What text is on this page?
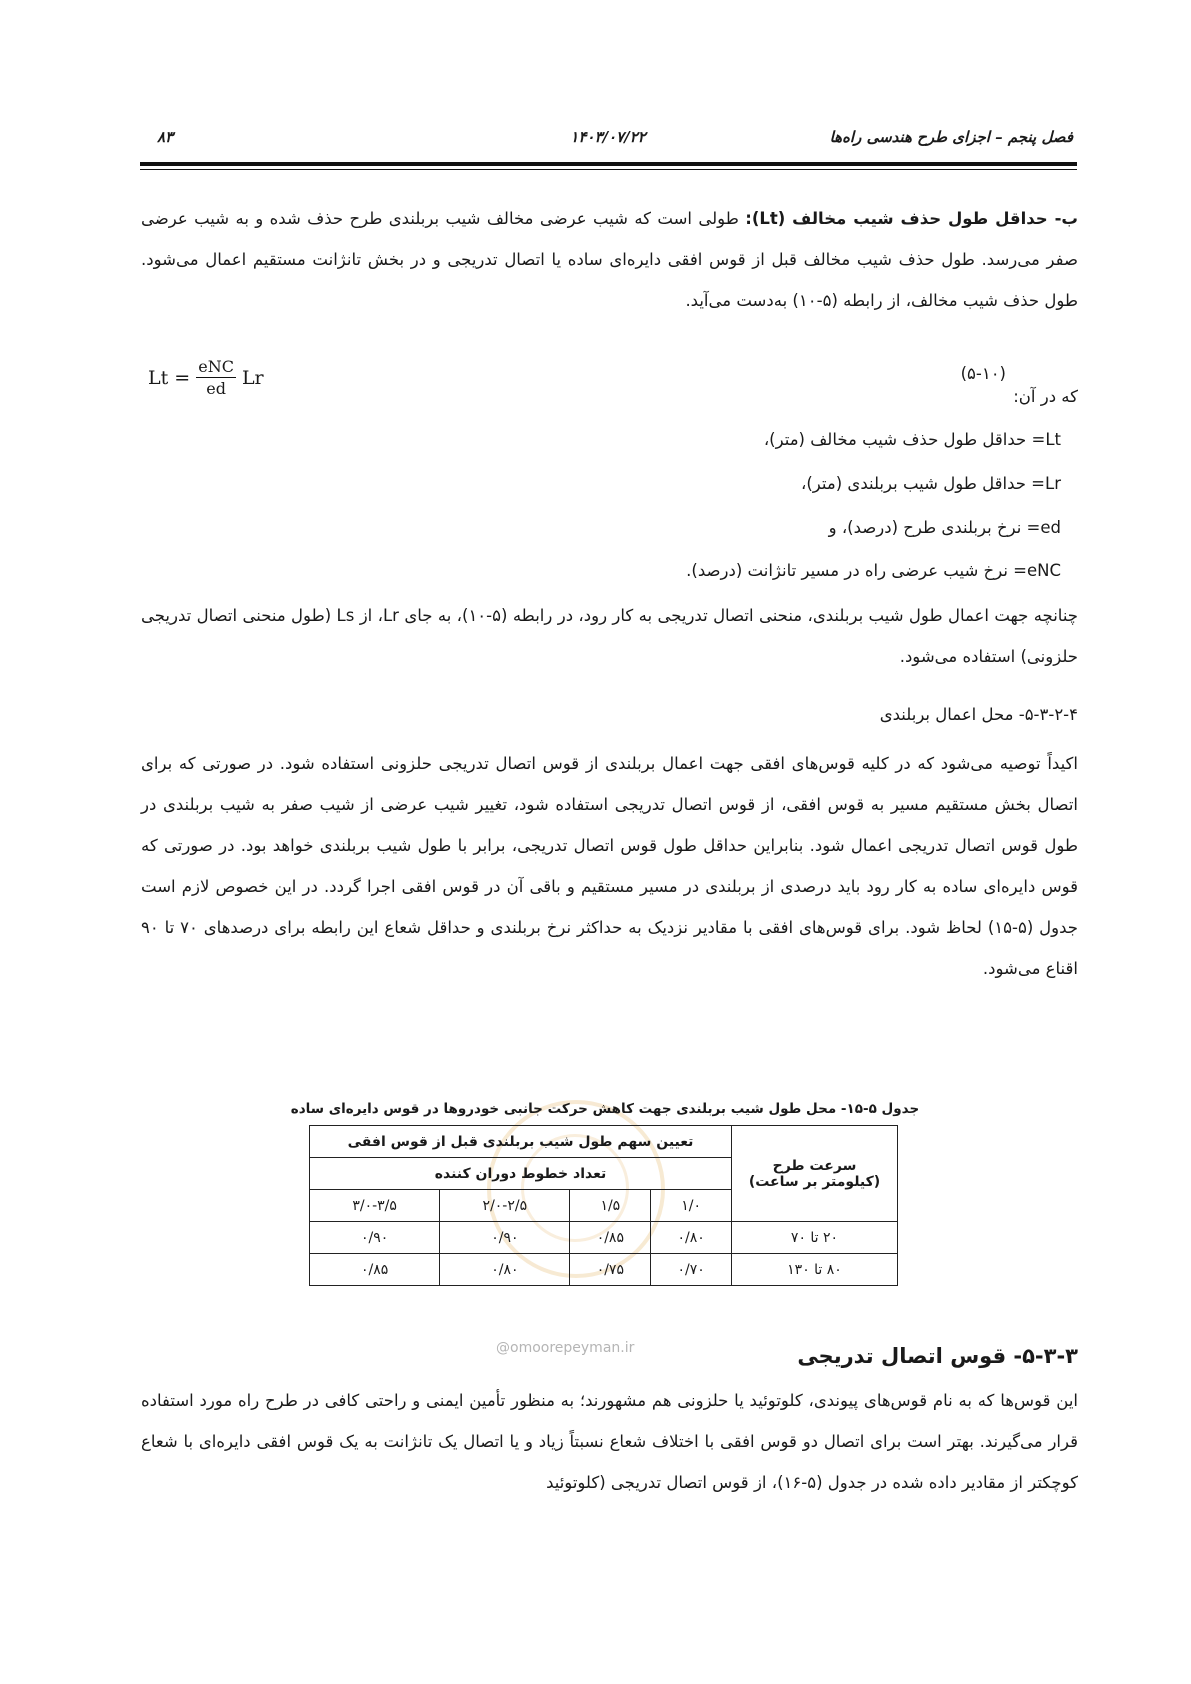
فصل پنجم – اجزای طرح هندسی راه‌ها
۱۴۰۳/۰۷/۲۲
۸۳
ب- حداقل طول حذف شیب مخالف (Lt): طولی است که شیب عرضی مخالف شیب بربلندی طرح حذف شده و به شیب عرضی صفر می‌رسد. طول حذف شیب مخالف قبل از قوس افقی دایره‌ای ساده یا اتصال تدریجی و در بخش تانژانت مستقیم اعمال می‌شود. طول حذف شیب مخالف، از رابطه (۵-۱۰) به‌دست می‌آید.
$Lt = \frac{\text{eNC}}{ed}$ Lr	(۵-۱۰)
که در آن:
Lt= حداقل طول حذف شیب مخالف (متر)،
Lr= حداقل طول شیب بربلندی (متر)،
ed= نرخ بربلندی طرح (درصد)، و
eNC= نرخ شیب عرضی راه در مسیر تانژانت (درصد).
چنانچه جهت اعمال طول شیب بربلندی، منحنی اتصال تدریجی به کار رود، در رابطه (۵-۱۰)، به جای Lr، از Ls (طول منحنی اتصال تدریجی حلزونی) استفاده می‌شود.
۵-۳-۲-۴- محل اعمال بربلندی
اکیداً توصیه می‌شود که در کلیه قوس‌های افقی جهت اعمال بربلندی از قوس اتصال تدریجی حلزونی استفاده شود. در صورتی که برای اتصال بخش مستقیم مسیر به قوس افقی، از قوس اتصال تدریجی استفاده شود، تغییر شیب عرضی از شیب صفر به شیب بربلندی در طول قوس اتصال تدریجی اعمال شود. بنابراین حداقل طول قوس اتصال تدریجی، برابر با طول شیب بربلندی خواهد بود. در صورتی که قوس دایره‌ای ساده به کار رود باید درصدی از بربلندی در مسیر مستقیم و باقی آن در قوس افقی اجرا گردد. در این خصوص لازم است جدول (۵-۱۵) لحاظ شود. برای قوس‌های افقی با مقادیر نزدیک به حداکثر نرخ بربلندی و حداقل شعاع این رابطه برای درصدهای ۷۰ تا ۹۰ اقناع می‌شود.
جدول ۵-۱۵- محل طول شیب بربلندی جهت کاهش حرکت جانبی خودروها در قوس دایره‌ای ساده
سرعت طرح
(کیلومتر بر ساعت)	تعیین سهم طول شیب بربلندی قبل از قوس افقی			
	تعداد خطوط دوران کننده			
	۱/۰	۱/۵	۲/۰-۲/۵	۳/۰-۳/۵
۲۰ تا ۷۰	۰/۸۰	۰/۸۵	۰/۹۰	۰/۹۰
۸۰ تا ۱۳۰	۰/۷۰	۰/۷۵	۰/۸۰	۰/۸۵
@omoorepeyman.ir	۵-۳-۳- قوس اتصال تدریجی
این قوس‌ها که به نام قوس‌های پیوندی، کلوتوئید یا حلزونی هم مشهورند؛ به منظور تأمین ایمنی و راحتی کافی در طرح راه مورد استفاده قرار می‌گیرند. بهتر است برای اتصال دو قوس افقی با اختلاف شعاع نسبتاً زیاد و یا اتصال یک تانژانت به یک قوس افقی دایره‌ای با شعاع کوچکتر از مقادیر داده شده در جدول (۵-۱۶)، از قوس اتصال تدریجی (کلوتوئید
